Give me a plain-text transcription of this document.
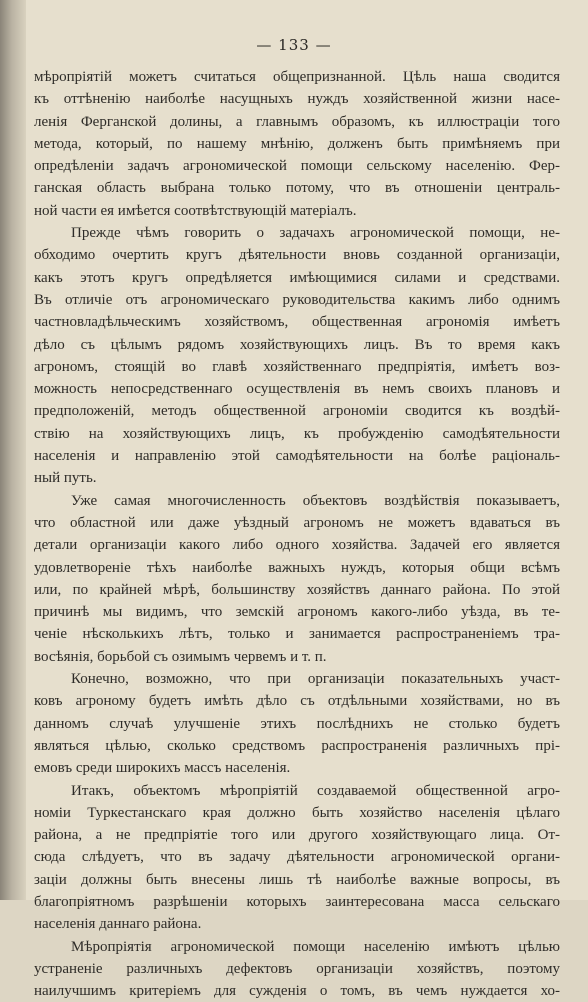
— 133 —
мѣропріятій можетъ считаться общепризнанной. Цѣль наша сводится
къ оттѣненію наиболѣе насущныхъ нуждъ хозяйственной жизни насе-
ленія Ферганской долины, а главнымъ образомъ, къ иллюстраціи того
метода, который, по нашему мнѣнію, долженъ быть примѣняемъ при
опредѣленіи задачъ агрономической помощи сельскому населенію. Фер-
ганская область выбрана только потому, что въ отношеніи централь-
ной части ея имѣется соотвѣтствующій матеріалъ.
Прежде чѣмъ говорить о задачахъ агрономической помощи, не-
обходимо очертить кругъ дѣятельности вновь созданной организаціи,
какъ этотъ кругъ опредѣляется имѣющимися силами и средствами.
Въ отличіе отъ агрономическаго руководительства какимъ либо однимъ
частновладѣльческимъ хозяйствомъ, общественная агрономія имѣетъ
дѣло съ цѣлымъ рядомъ хозяйствующихъ лицъ. Въ то время какъ
агрономъ, стоящій во главѣ хозяйственнаго предпріятія, имѣетъ воз-
можность непосредственнаго осуществленія въ немъ своихъ плановъ и
предположеній, методъ общественной агрономіи сводится къ воздѣй-
ствію на хозяйствующихъ лицъ, къ пробужденію самодѣятельности
населенія и направленію этой самодѣятельности на болѣе раціональ-
ный путь.
Уже самая многочисленность объектовъ воздѣйствія показываетъ,
что областной или даже уѣздный агрономъ не можетъ вдаваться въ
детали организаціи какого либо одного хозяйства. Задачей его является
удовлетвореніе тѣхъ наиболѣе важныхъ нуждъ, которыя общи всѣмъ
или, по крайней мѣрѣ, большинству хозяйствъ даннаго района. По этой
причинѣ мы видимъ, что земскій агрономъ какого-либо уѣзда, въ те-
ченіе нѣсколькихъ лѣтъ, только и занимается распространеніемъ тра-
восѣянія, борьбой съ озимымъ червемъ и т. п.
Конечно, возможно, что при организаціи показательныхъ участ-
ковъ агроному будетъ имѣть дѣло съ отдѣльными хозяйствами, но въ
данномъ случаѣ улучшеніе этихъ послѣднихъ не столько будетъ
являться цѣлью, сколько средствомъ распространенія различныхъ прі-
емовъ среди широкихъ массъ населенія.
Итакъ, объектомъ мѣропріятій создаваемой общественной агро-
номіи Туркестанскаго края должно быть хозяйство населенія цѣлаго
района, а не предпріятіе того или другого хозяйствующаго лица. От-
сюда слѣдуетъ, что въ задачу дѣятельности агрономической органи-
заціи должны быть внесены лишь тѣ наиболѣе важные вопросы, въ
благопріятномъ разрѣшеніи которыхъ заинтересована масса сельскаго
населенія даннаго района.
Мѣропріятія агрономической помощи населенію имѣютъ цѣлью
устраненіе различныхъ дефектовъ организаціи хозяйствъ, поэтому
наилучшимъ критеріемъ для сужденія о томъ, въ чемъ нуждается хо-
